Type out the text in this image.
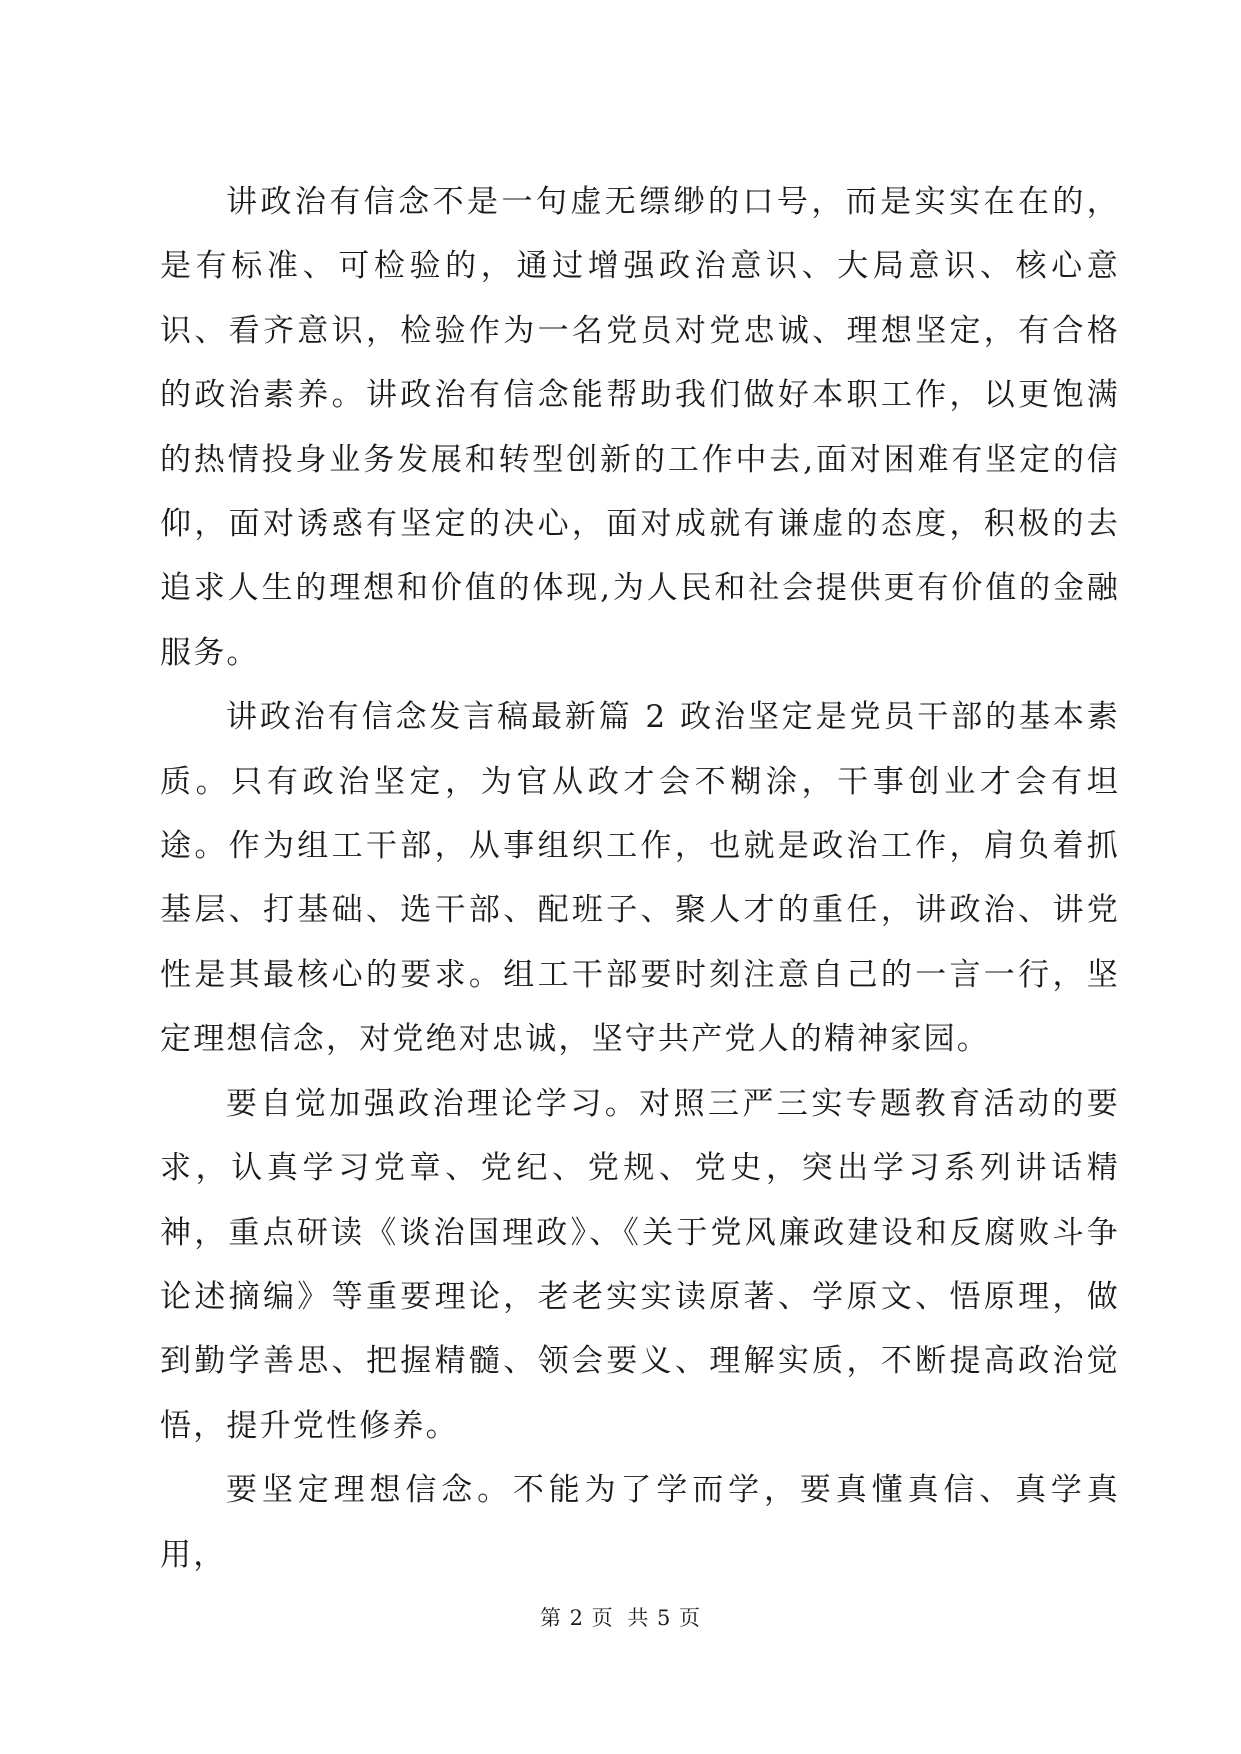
讲政治有信念不是一句虚无缥缈的口号，而是实实在在的，是有标准、可检验的，通过增强政治意识、大局意识、核心意识、看齐意识，检验作为一名党员对党忠诚、理想坚定，有合格的政治素养。讲政治有信念能帮助我们做好本职工作，以更饱满的热情投身业务发展和转型创新的工作中去,面对困难有坚定的信仰，面对诱惑有坚定的决心，面对成就有谦虚的态度，积极的去追求人生的理想和价值的体现,为人民和社会提供更有价值的金融服务。

讲政治有信念发言稿最新篇 2 政治坚定是党员干部的基本素质。只有政治坚定，为官从政才会不糊涂，干事创业才会有坦途。作为组工干部，从事组织工作，也就是政治工作，肩负着抓基层、打基础、选干部、配班子、聚人才的重任，讲政治、讲党性是其最核心的要求。组工干部要时刻注意自己的一言一行，坚定理想信念，对党绝对忠诚，坚守共产党人的精神家园。

要自觉加强政治理论学习。对照三严三实专题教育活动的要求，认真学习党章、党纪、党规、党史，突出学习系列讲话精神，重点研读《谈治国理政》、《关于党风廉政建设和反腐败斗争论述摘编》等重要理论，老老实实读原著、学原文、悟原理，做到勤学善思、把握精髓、领会要义、理解实质，不断提高政治觉悟，提升党性修养。

要坚定理想信念。不能为了学而学，要真懂真信、真学真用，

第 2 页 共 5 页
